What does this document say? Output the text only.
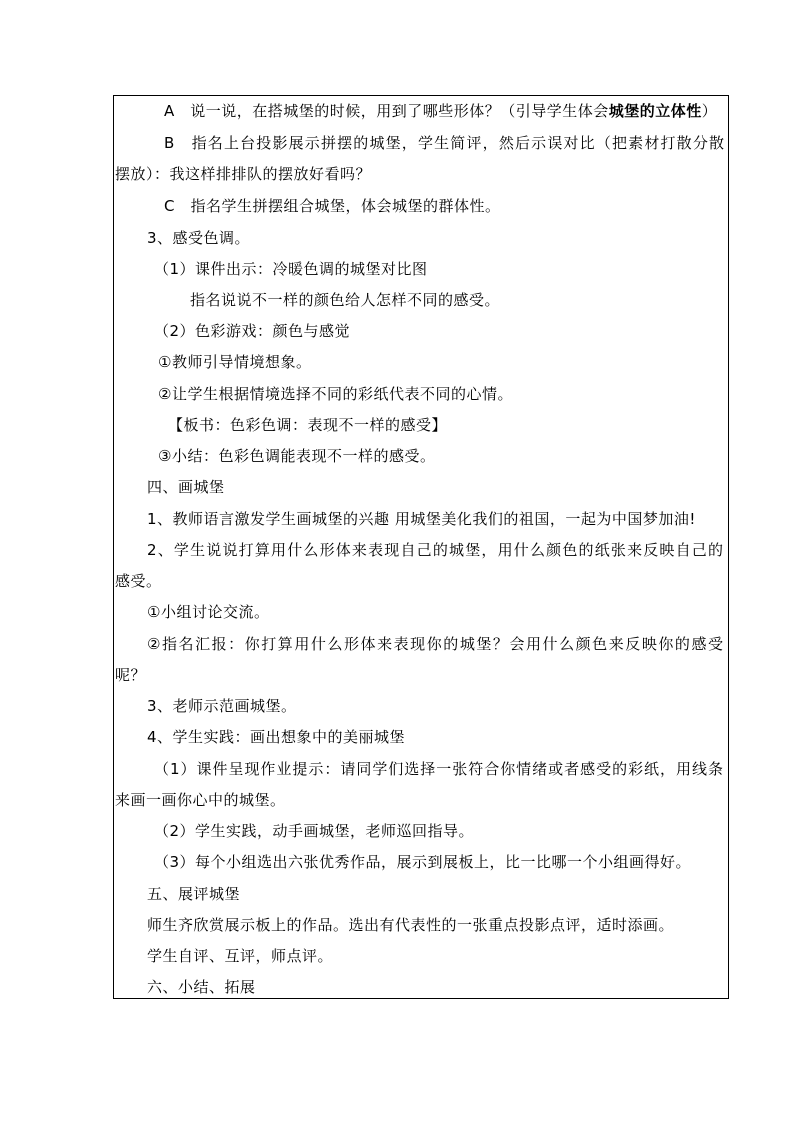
A　说一说，在搭城堡的时候，用到了哪些形体？（引导学生体会城堡的立体性）
B　指名上台投影展示拼摆的城堡，学生简评，然后示误对比（把素材打散分散
摆放）：我这样排排队的摆放好看吗？
C　指名学生拼摆组合城堡，体会城堡的群体性。
3、感受色调。
（1）课件出示：冷暖色调的城堡对比图
指名说说不一样的颜色给人怎样不同的感受。
（2）色彩游戏：颜色与感觉
①教师引导情境想象。
②让学生根据情境选择不同的彩纸代表不同的心情。
【板书：色彩色调：表现不一样的感受】
③小结：色彩色调能表现不一样的感受。
四、画城堡
1、教师语言激发学生画城堡的兴趣 用城堡美化我们的祖国，一起为中国梦加油!
2、学生说说打算用什么形体来表现自己的城堡，用什么颜色的纸张来反映自己的
感受。
①小组讨论交流。
②指名汇报：你打算用什么形体来表现你的城堡？会用什么颜色来反映你的感受
呢？
3、老师示范画城堡。
4、学生实践：画出想象中的美丽城堡
（1）课件呈现作业提示：请同学们选择一张符合你情绪或者感受的彩纸，用线条
来画一画你心中的城堡。
（2）学生实践，动手画城堡，老师巡回指导。
（3）每个小组选出六张优秀作品，展示到展板上，比一比哪一个小组画得好。
五、展评城堡
师生齐欣赏展示板上的作品。选出有代表性的一张重点投影点评，适时添画。
学生自评、互评，师点评。
六、小结、拓展
